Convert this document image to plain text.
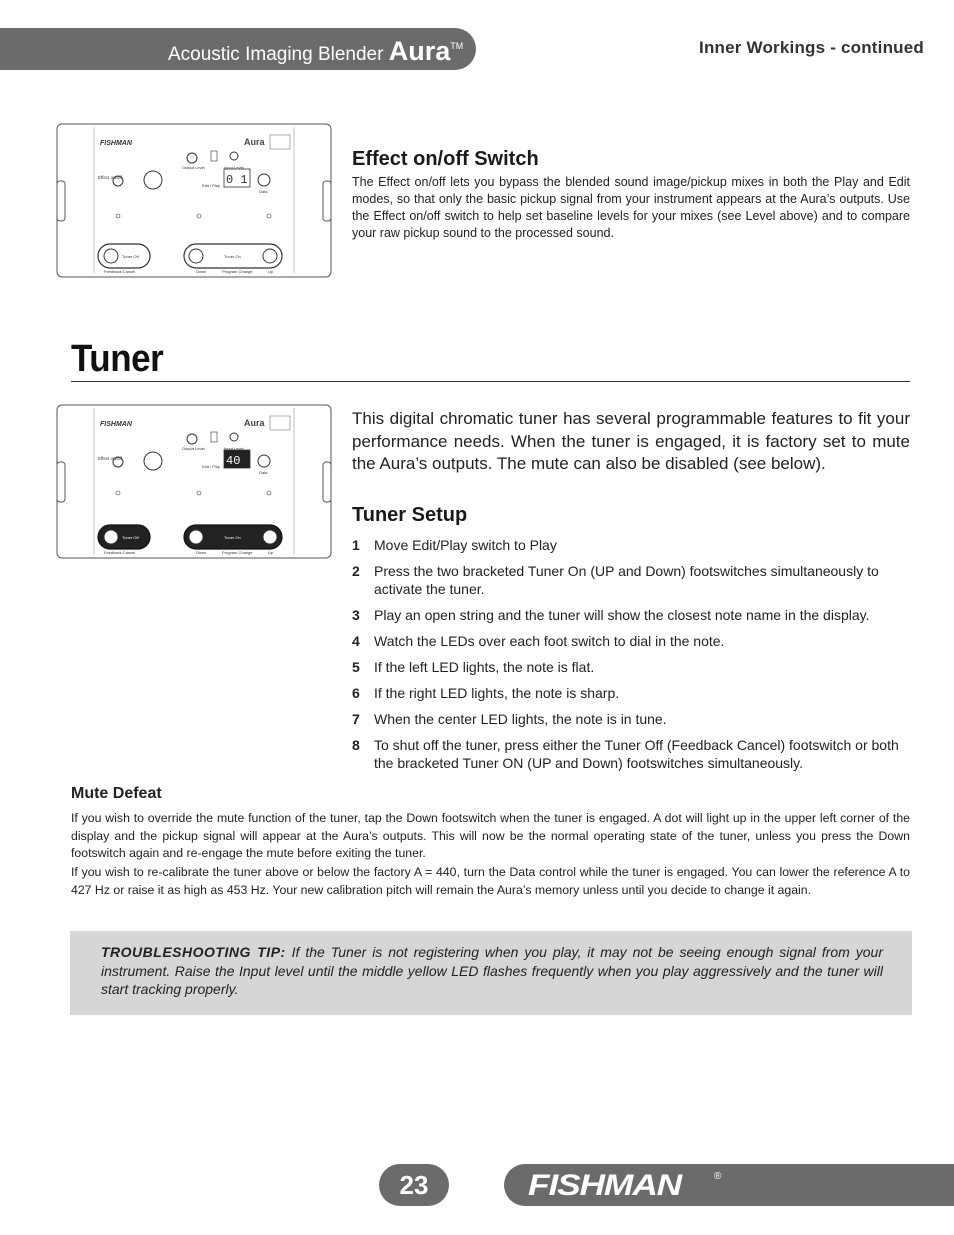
Acoustic Imaging Blender Aura™	Inner Workings - continued
FISHMAN	Aura
Effect on/off
Output Level
Edit / Play 0 1
Input Level
Data
Tuner Off	Tuner On
Feedback Cancel	Down	Program Change	Up
Effect on/off Switch
The Effect on/off lets you bypass the blended sound image/pickup mixes in both the Play and Edit modes, so that only the basic pickup signal from your instrument appears at the Aura’s outputs. Use the Effect on/off switch to help set baseline levels for your mixes (see Level above) and to compare your raw pickup sound to the processed sound.
Tuner
FISHMAN	Aura
Effect on/off
Output Level
Edit / Play 40
Input Level
Data
Tuner Off	Tuner On
Feedback Cancel	Down	Program Change	Up
This digital chromatic tuner has several programmable features to fit your performance needs. When the tuner is engaged, it is factory set to mute the Aura’s outputs. The mute can also be disabled (see below).
Tuner Setup
1 Move Edit/Play switch to Play
2 Press the two bracketed Tuner On (UP and Down) footswitches simultaneously to activate the tuner.
3 Play an open string and the tuner will show the closest note name in the display.
4 Watch the LEDs over each foot switch to dial in the note.
5 If the left LED lights, the note is flat.
6 If the right LED lights, the note is sharp.
7 When the center LED lights, the note is in tune.
8 To shut off the tuner, press either the Tuner Off (Feedback Cancel) footswitch or both the bracketed Tuner ON (UP and Down) footswitches simultaneously.
Mute Defeat
If you wish to override the mute function of the tuner, tap the Down footswitch when the tuner is engaged. A dot will light up in the upper left corner of the display and the pickup signal will appear at the Aura’s outputs. This will now be the normal operating state of the tuner, unless you press the Down footswitch again and re-engage the mute before exiting the tuner.
If you wish to re-calibrate the tuner above or below the factory A = 440, turn the Data control while the tuner is engaged. You can lower the reference A to 427 Hz or raise it as high as 453 Hz. Your new calibration pitch will remain the Aura’s memory unless until you decide to change it again.
TROUBLESHOOTING TIP: If the Tuner is not registering when you play, it may not be seeing enough signal from your instrument. Raise the Input level until the middle yellow LED flashes frequently when you play aggressively and the tuner will start tracking properly.
23	FISHMAN	®
